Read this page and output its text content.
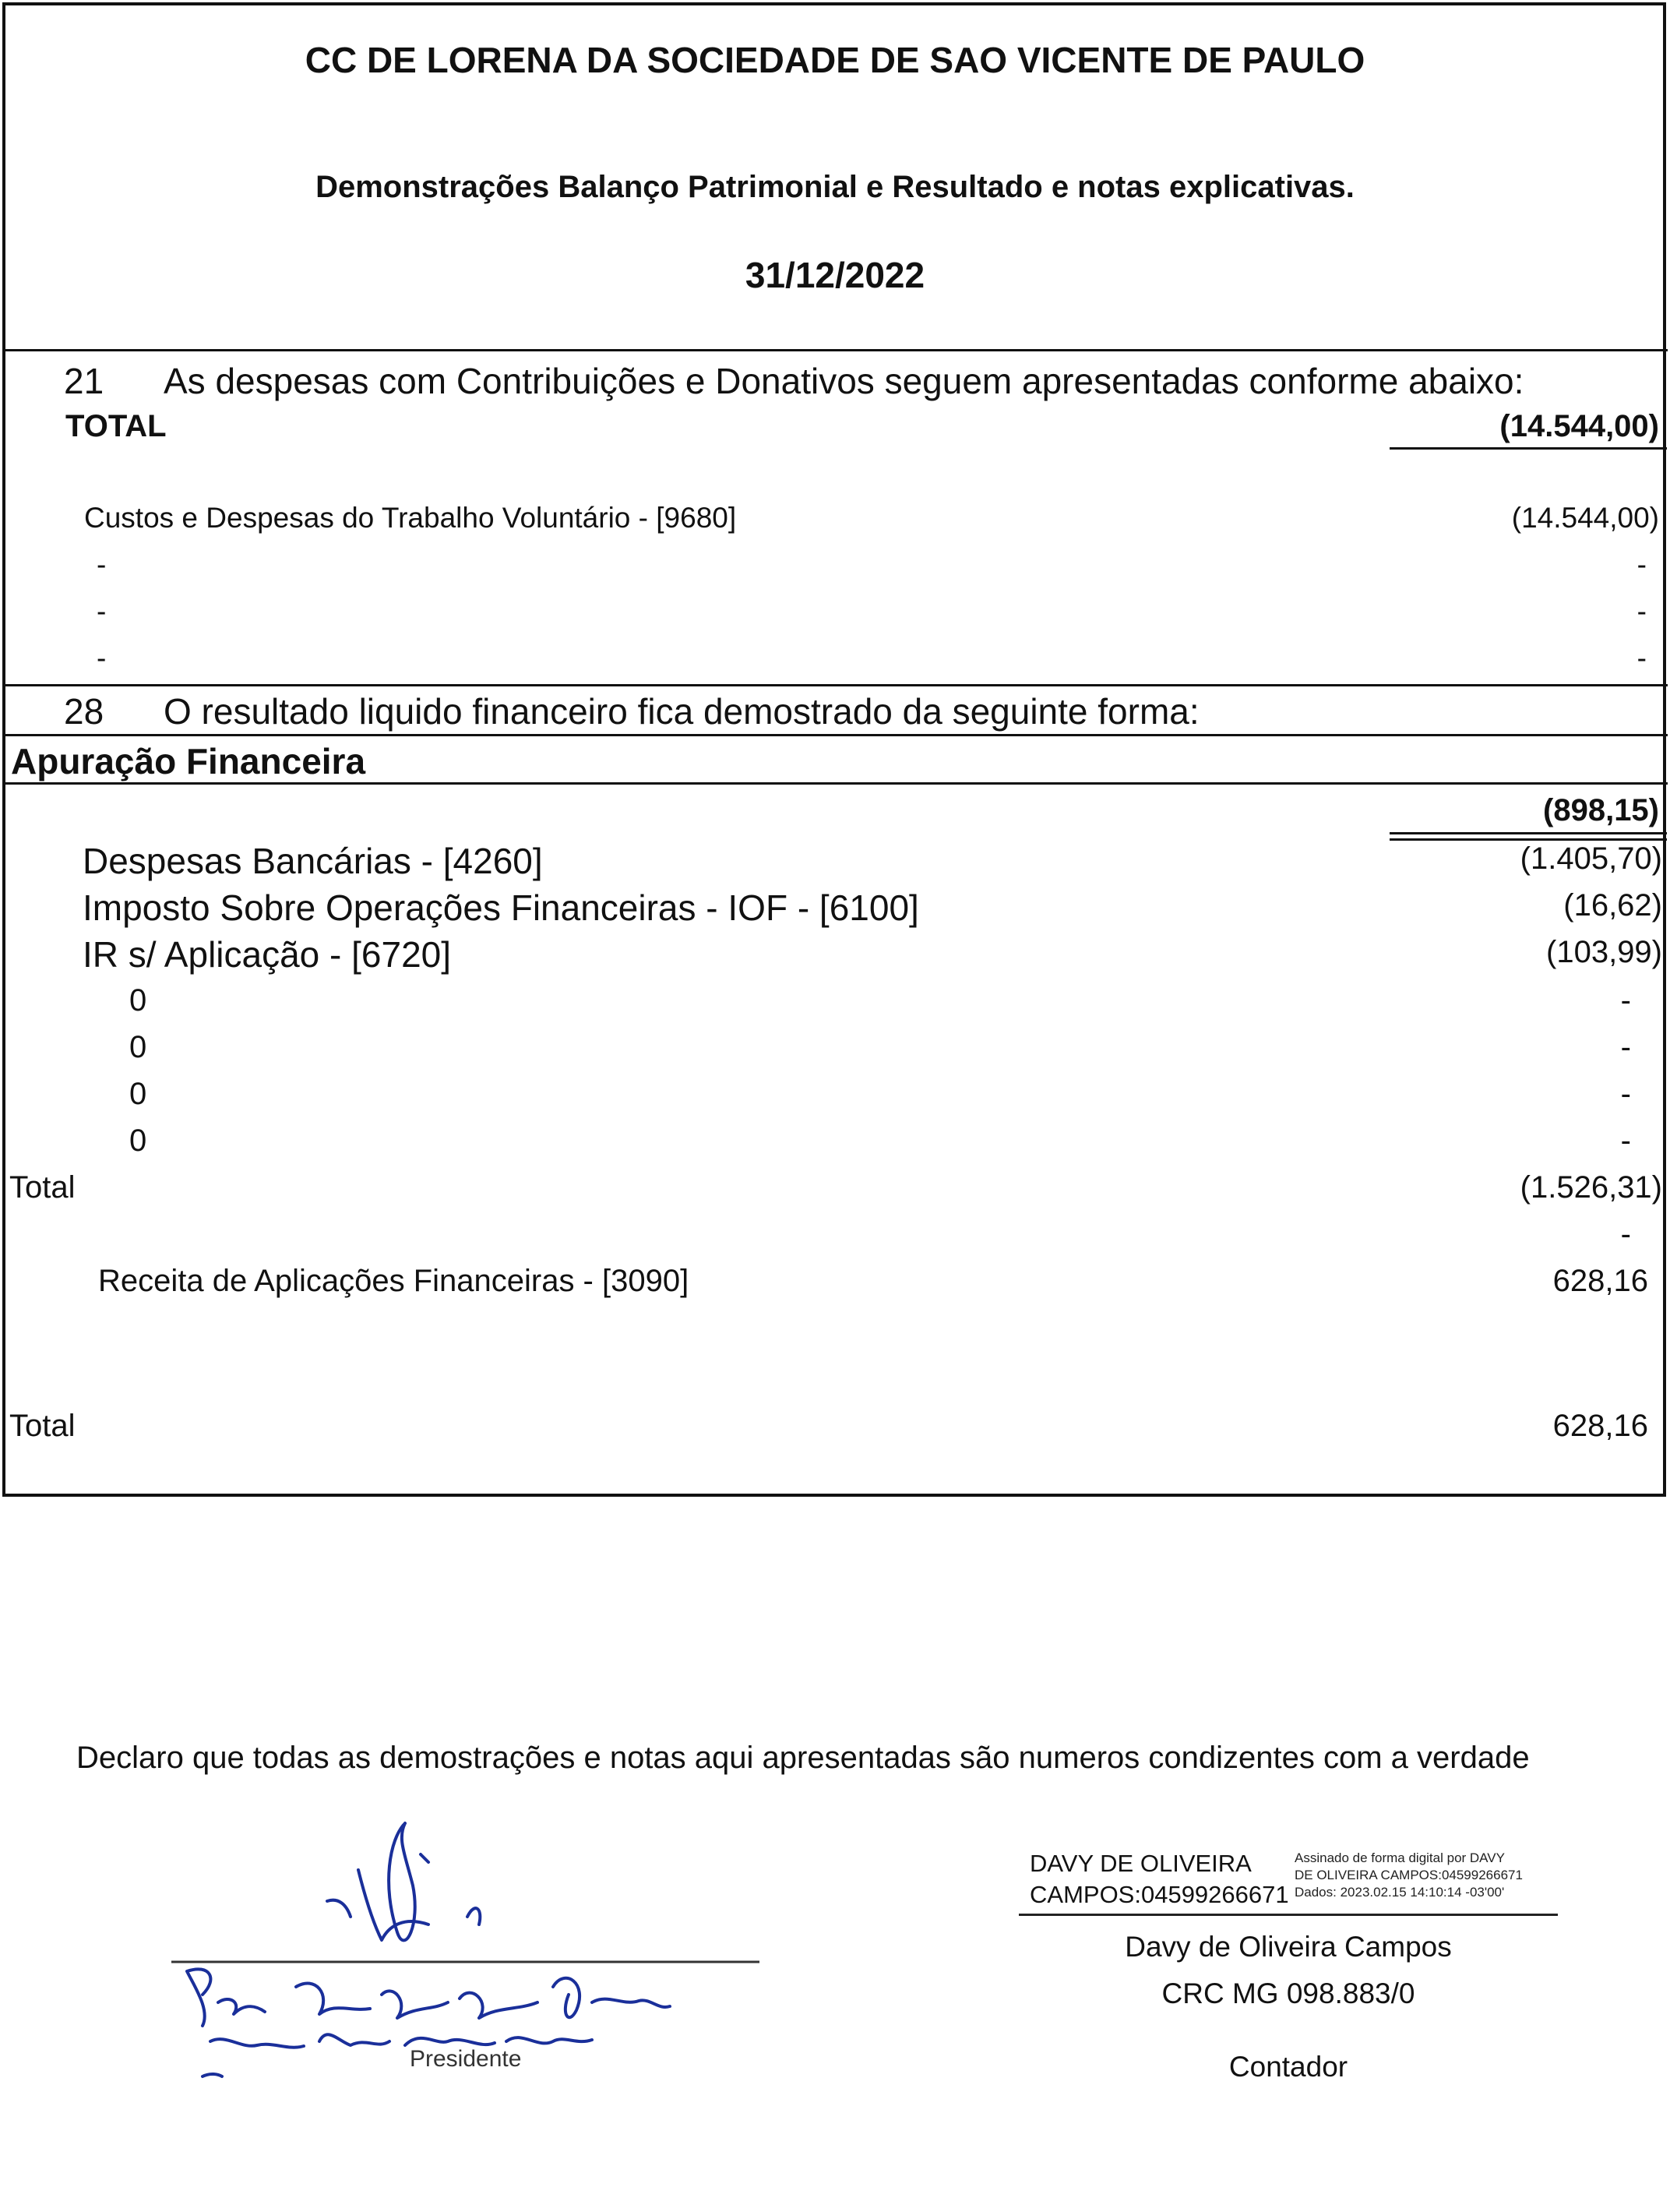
CC DE LORENA DA SOCIEDADE DE SAO VICENTE DE PAULO
Demonstrações Balanço Patrimonial e Resultado e notas explicativas.
31/12/2022
21 As despesas com Contribuições e Donativos seguem apresentadas conforme abaixo:
TOTAL	(14.544,00)
Custos e Despesas do Trabalho Voluntário - [9680]	(14.544,00)
-	-
-	-
-	-
28 O resultado liquido financeiro fica demostrado da seguinte forma:
Apuração Financeira
(898,15)
Despesas Bancárias - [4260]	(1.405,70)
Imposto Sobre Operações Financeiras - IOF - [6100]	(16,62)
IR s/ Aplicação - [6720]	(103,99)
0	-
0	-
0	-
0	-
Total	(1.526,31)
-
Receita de Aplicações Financeiras - [3090]	628,16
Total	628,16
Declaro que todas as demostrações e notas aqui apresentadas são numeros condizentes com a verdade
Presidente
DAVY DE OLIVEIRA
CAMPOS:04599266671
Assinado de forma digital por DAVY
DE OLIVEIRA CAMPOS:04599266671
Dados: 2023.02.15 14:10:14 -03'00'
Davy de Oliveira Campos
CRC MG 098.883/0
Contador
